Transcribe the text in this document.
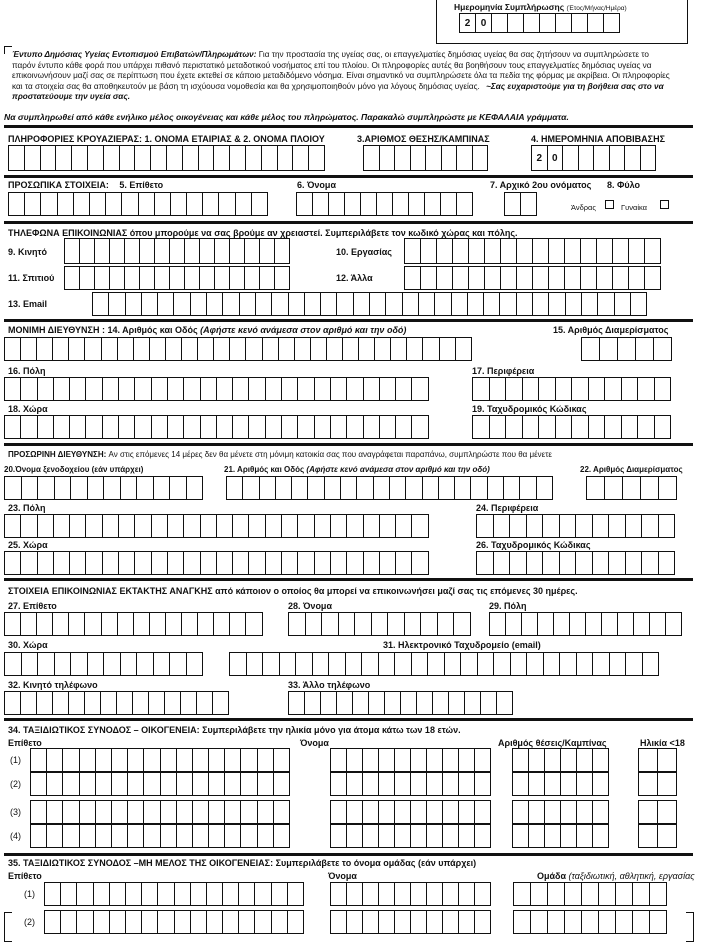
Ημερομηνία Συμπλήρωσης (Έτος/Μήνας/Ημέρα)
2	0
Έντυπο Δημόσιας Υγείας Εντοπισμού Επιβατών/Πληρωμάτων: Για την προστασία της υγείας σας, οι επαγγελματίες δημόσιας υγείας θα σας ζητήσουν να συμπληρώσετε το παρόν έντυπο κάθε φορά που υπάρχει πιθανό περιστατικό μεταδοτικού νοσήματος επί του πλοίου. Οι πληροφορίες αυτές θα βοηθήσουν τους επαγγελματίες δημόσιας υγείας να επικοινωνήσουν μαζί σας σε περίπτωση που έχετε εκτεθεί σε κάποιο μεταδιδόμενο νόσημα. Είναι σημαντικό να συμπληρώσετε όλα τα πεδία της φόρμας με ακρίβεια. Οι πληροφορίες και τα στοιχεία σας θα αποθηκευτούν με βάση τη ισχύουσα νομοθεσία και θα χρησιμοποιηθούν μόνο για λόγους δημόσιας υγείας. ~Σας ευχαριστούμε για τη βοήθεια σας στο να προστατεύουμε την υγεία σας.
Να συμπληρωθεί από κάθε ενήλικο μέλος οικογένειας και κάθε μέλος του πληρώματος. Παρακαλώ συμπληρώστε με ΚΕΦΑΛΑΙΑ γράμματα.
ΠΛΗΡΟΦΟΡΙΕΣ ΚΡΟΥΑΖΙΕΡΑΣ: 1. ΟΝΟΜΑ ΕΤΑΙΡΙΑΣ & 2. ΟΝΟΜΑ ΠΛΟΙΟΥ	3.ΑΡΙΘΜΟΣ ΘΕΣΗΣ/ΚΑΜΠΙΝΑΣ	4. ΗΜΕΡΟΜΗΝΙΑ ΑΠΟΒΙΒΑΣΗΣ
2 0
ΠΡΟΣΩΠΙΚΑ ΣΤΟΙΧΕΙΑ: 5. Επίθετο	6. Όνομα	7. Αρχικό 2ου ονόματος 8. Φύλο
Άνδρας	Γυναίκα
ΤΗΛΕΦΩΝΑ ΕΠΙΚΟΙΝΩΝΙΑΣ όπου μπορούμε να σας βρούμε αν χρειαστεί. Συμπεριλάβετε τον κωδικό χώρας και πόλης.
9. Κινητό	10. Εργασίας
11. Σπιτιού	12. Άλλα
13. Email
ΜΟΝΙΜΗ ΔΙΕΥΘΥΝΣΗ : 14. Αριθμός και Οδός (Αφήστε κενό ανάμεσα στον αριθμό και την οδό)	15. Αριθμός Διαμερίσματος
16. Πόλη	17. Περιφέρεια
18. Χώρα	19. Ταχυδρομικός Κώδικας
ΠΡΟΣΩΡΙΝΗ ΔΙΕΥΘΥΝΣΗ: Αν στις επόμενες 14 μέρες δεν θα μένετε στη μόνιμη κατοικία σας που αναγράφεται παραπάνω, συμπληρώστε που θα μένετε
20.Όνομα ξενοδοχείου (εάν υπάρχει)	21. Αριθμός και Οδός (Αφήστε κενό ανάμεσα στον αριθμό και την οδό)	22. Αριθμός Διαμερίσματος
23. Πόλη	24. Περιφέρεια
25. Χώρα	26. Ταχυδρομικός Κώδικας
ΣΤΟΙΧΕΙΑ ΕΠΙΚΟΙΝΩΝΙΑΣ ΕΚΤΑΚΤΗΣ ΑΝΑΓΚΗΣ από κάποιον ο οποίος θα μπορεί να επικοινωνήσει μαζί σας τις επόμενες 30 ημέρες.
27. Επίθετο	28. Όνομα	29. Πόλη
30. Χώρα	31. Ηλεκτρονικό Ταχυδρομείο (email)
32. Κινητό τηλέφωνο	33. Άλλο τηλέφωνο
34. ΤΑΞΙΔΙΩΤΙΚΟΣ ΣΥΝΟΔΟΣ – ΟΙΚΟΓΕΝΕΙΑ: Συμπεριλάβετε την ηλικία μόνο για άτομα κάτω των 18 ετών.
Επίθετο	Όνομα	Αριθμός θέσεις/Καμπίνας	Ηλικία <18
(1)
(2)
(3)
(4)
35. ΤΑΞΙΔΙΩΤΙΚΟΣ ΣΥΝΟΔΟΣ –ΜΗ ΜΕΛΟΣ ΤΗΣ ΟΙΚΟΓΕΝΕΙΑΣ: Συμπεριλάβετε το όνομα ομάδας (εάν υπάρχει)
Επίθετο	Όνομα	Ομάδα (ταξιδιωτική, αθλητική, εργασίας
(1)
(2)
